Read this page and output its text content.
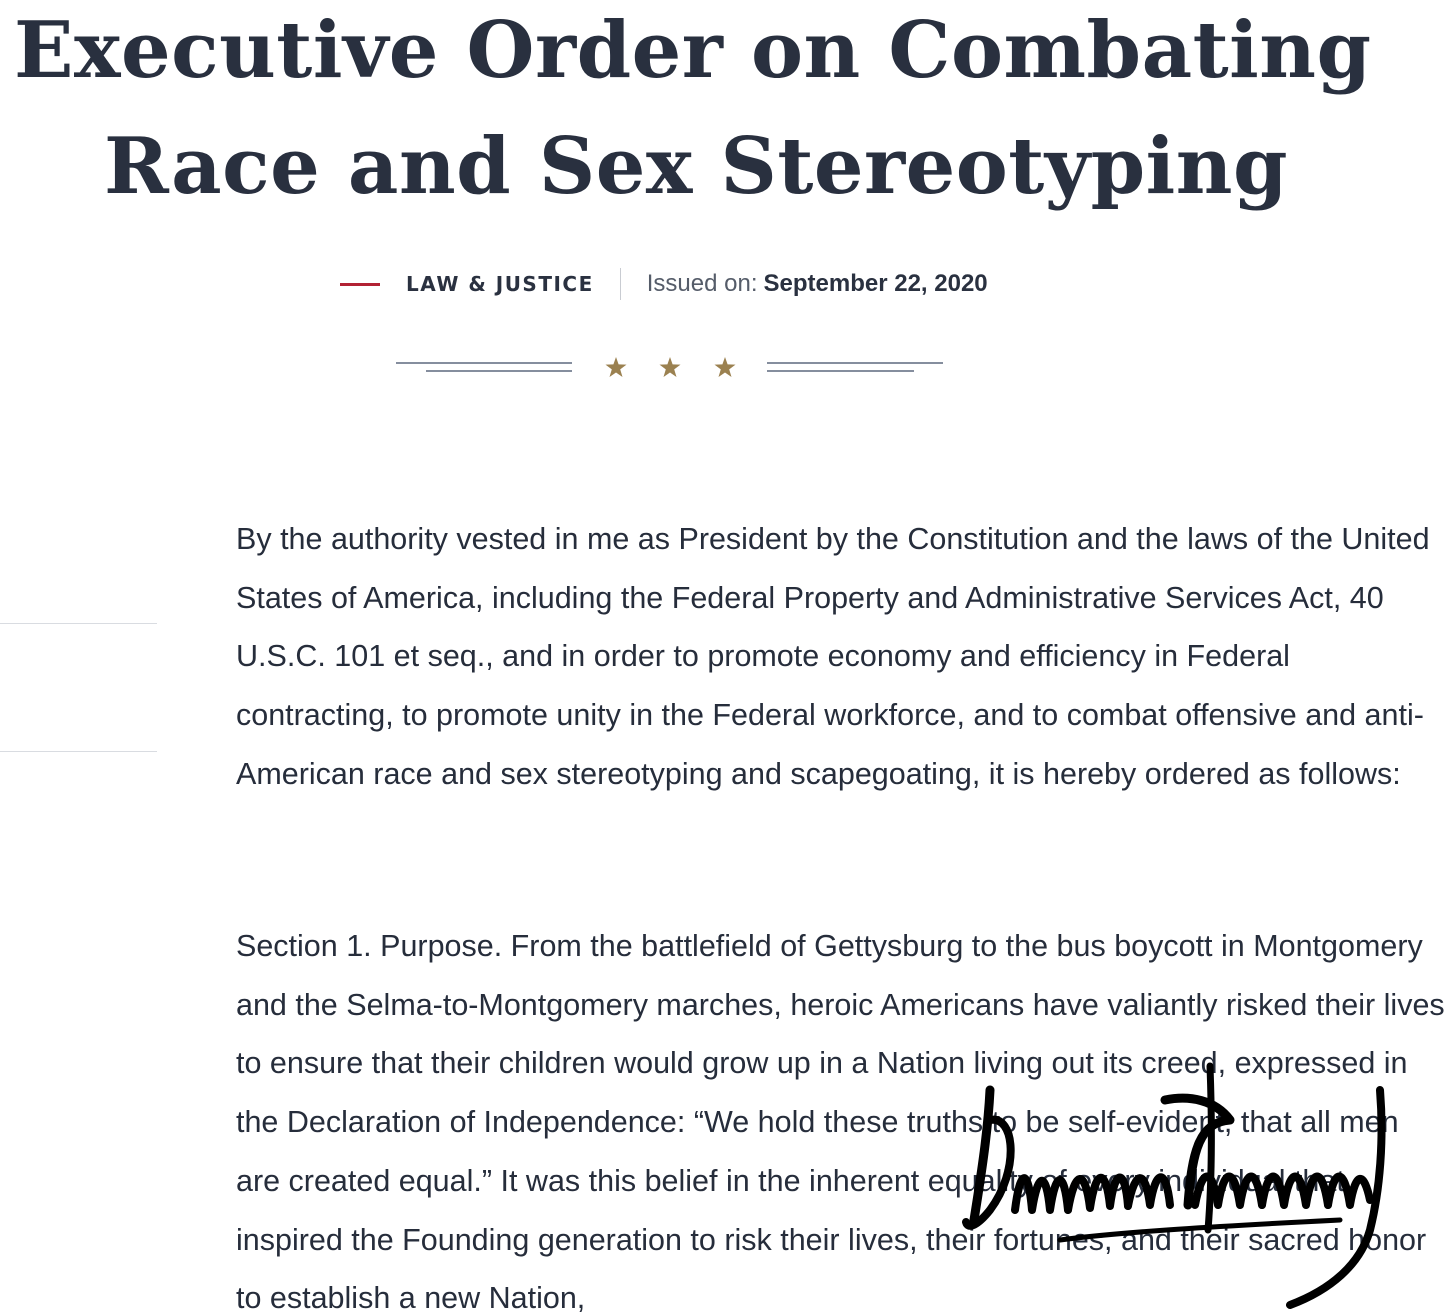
Executive Order on Combating
Race and Sex Stereotyping
LAW & JUSTICE Issued on: September 22, 2020

By the authority vested in me as President by the Constitution and the laws of the United States of America, including the Federal Property and Administrative Services Act, 40 U.S.C. 101 et seq., and in order to promote economy and efficiency in Federal contracting, to promote unity in the Federal workforce, and to combat offensive and anti-American race and sex stereotyping and scapegoating, it is hereby ordered as follows:

Section 1. Purpose. From the battlefield of Gettysburg to the bus boycott in Montgomery and the Selma-to-Montgomery marches, heroic Americans have valiantly risked their lives to ensure that their children would grow up in a Nation living out its creed, expressed in the Declaration of Independence: “We hold these truths to be self-evident, that all men are created equal.” It was this belief in the inherent equality of every individual that inspired the Founding generation to risk their lives, their fortunes, and their sacred honor to establish a new Nation,
